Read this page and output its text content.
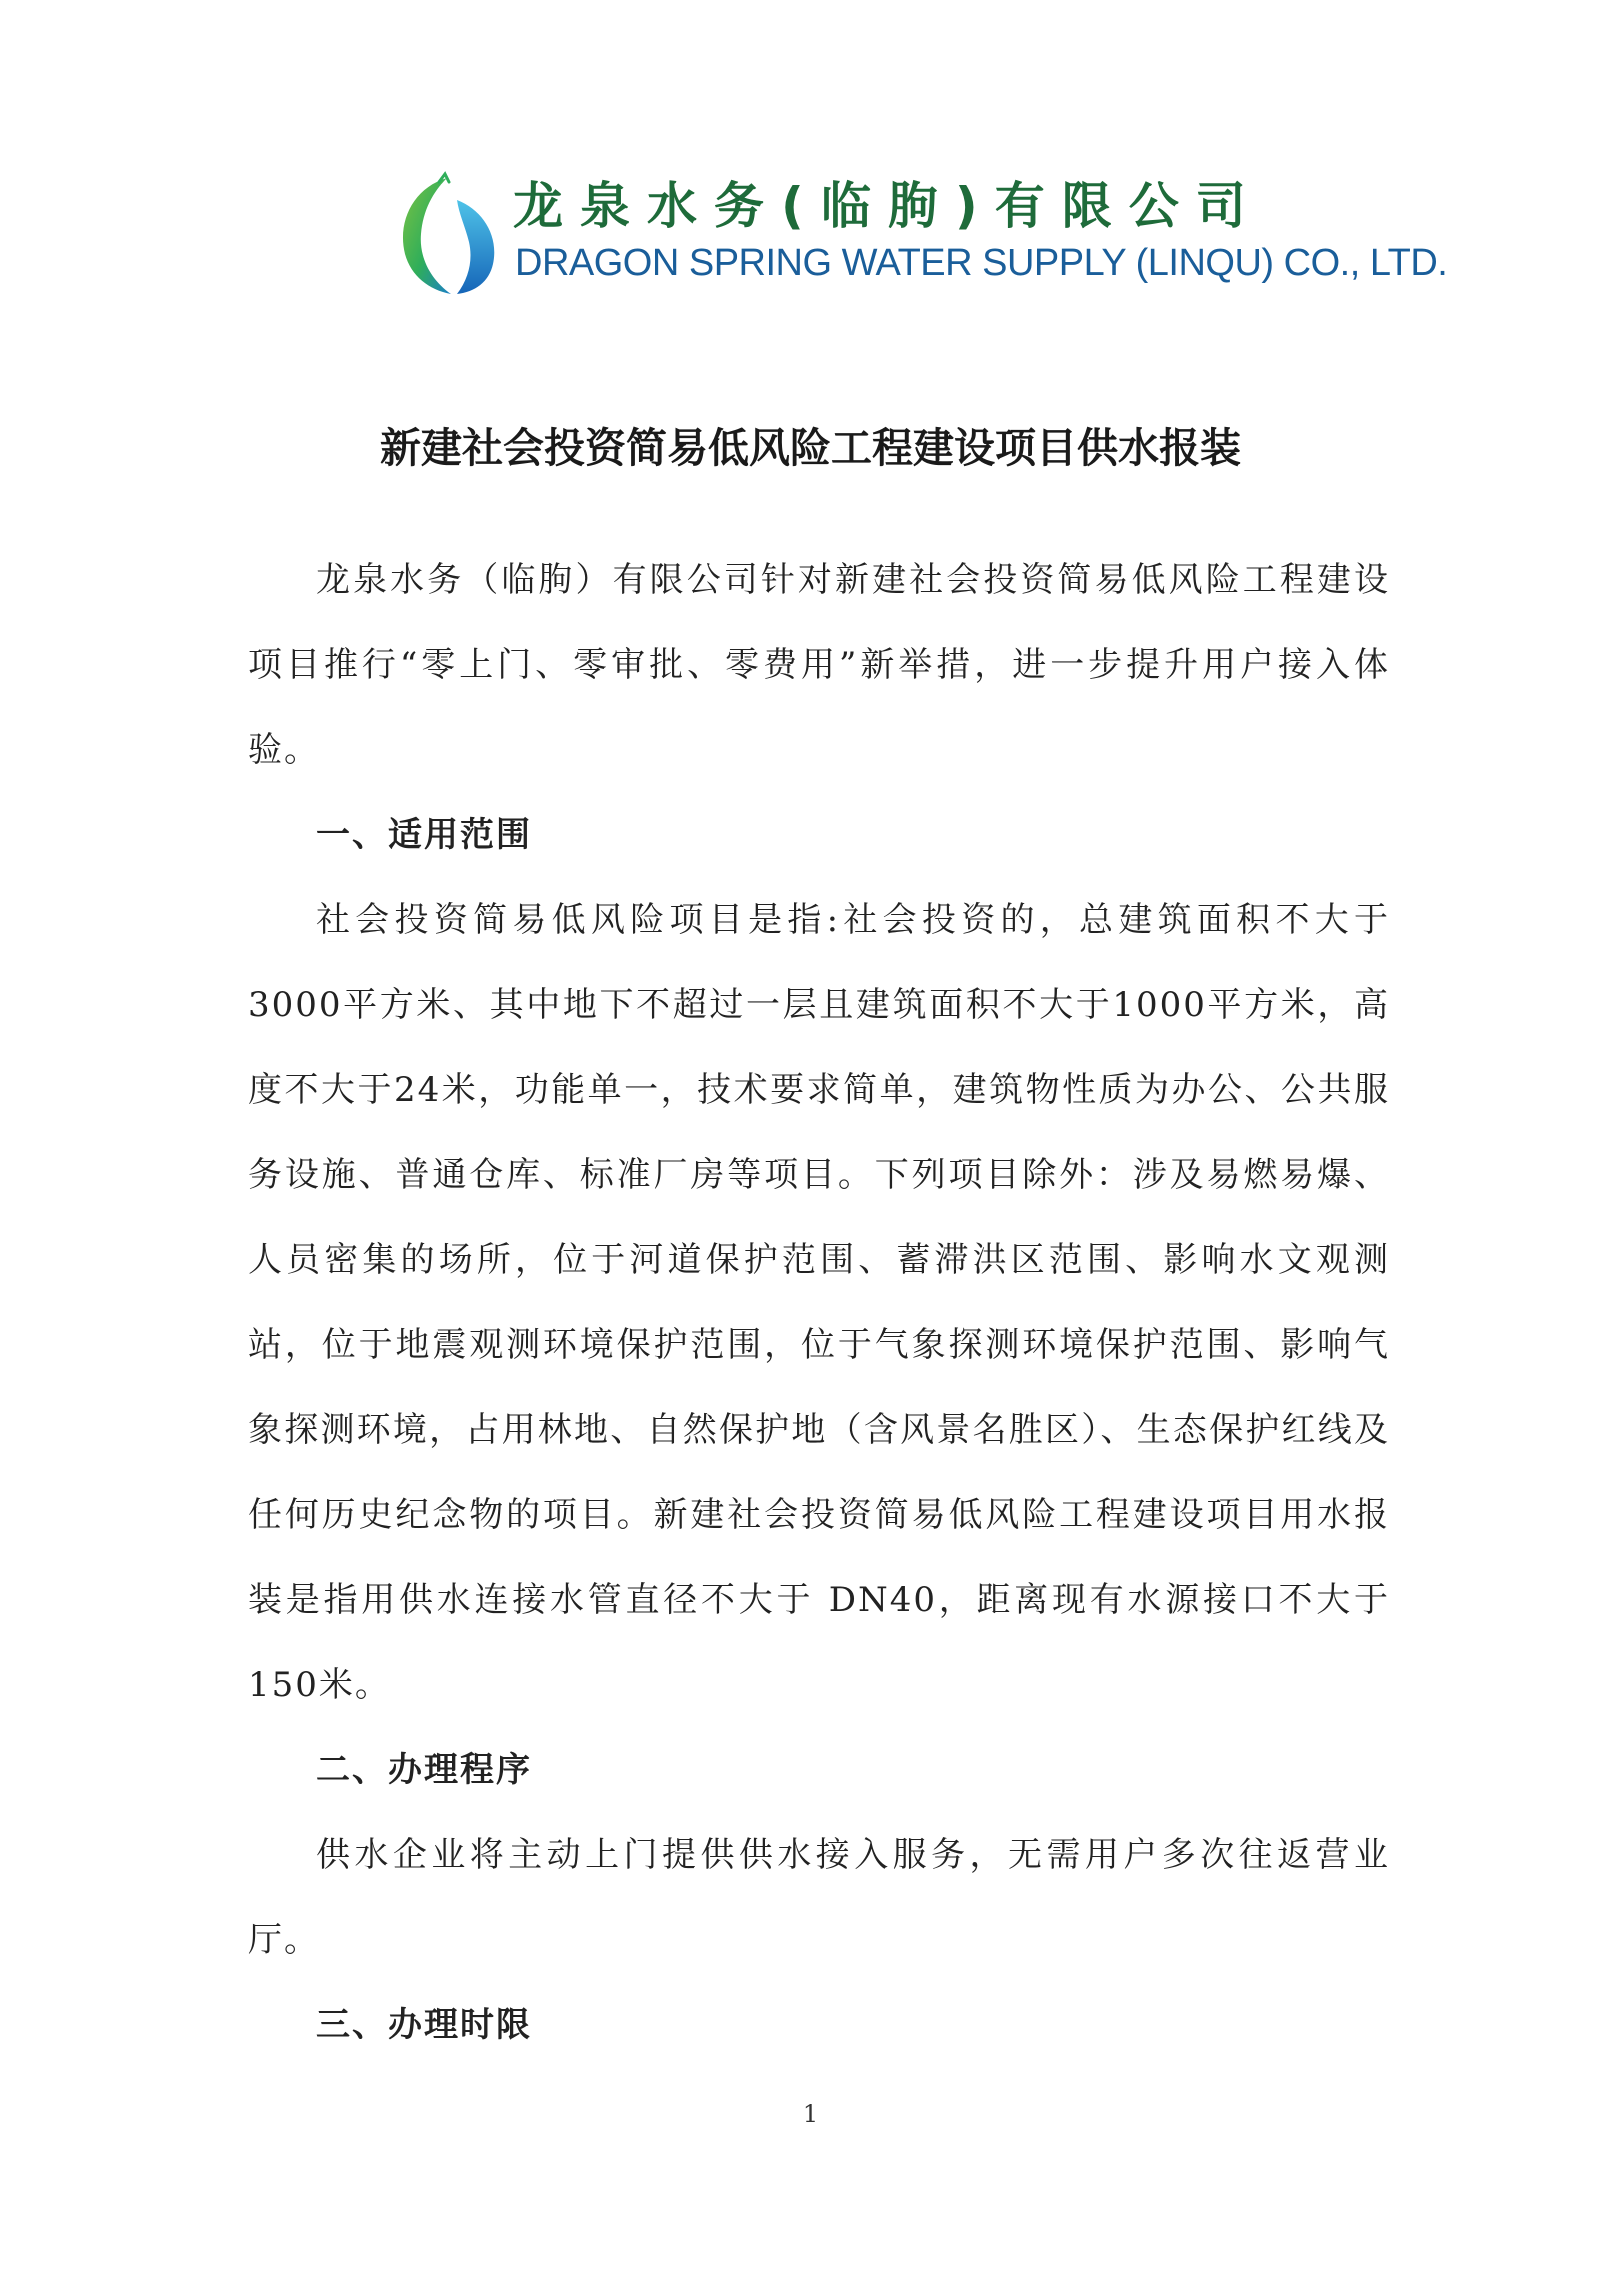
龙泉水务(临朐)有限公司
DRAGON SPRING WATER SUPPLY (LINQU) CO., LTD.
新建社会投资简易低风险工程建设项目供水报装

龙泉水务（临朐）有限公司针对新建社会投资简易低风险工程建设项目推行“零上门、零审批、零费用”新举措，进一步提升用户接入体验。

一、适用范围

社会投资简易低风险项目是指:社会投资的，总建筑面积不大于3000平方米、其中地下不超过一层且建筑面积不大于1000平方米，高度不大于24米，功能单一，技术要求简单，建筑物性质为办公、公共服务设施、普通仓库、标准厂房等项目。下列项目除外：涉及易燃易爆、人员密集的场所，位于河道保护范围、蓄滞洪区范围、影响水文观测站，位于地震观测环境保护范围，位于气象探测环境保护范围、影响气象探测环境，占用林地、自然保护地（含风景名胜区）、生态保护红线及任何历史纪念物的项目。新建社会投资简易低风险工程建设项目用水报装是指用供水连接水管直径不大于 DN40，距离现有水源接口不大于150米。

二、办理程序

供水企业将主动上门提供供水接入服务，无需用户多次往返营业厅。

三、办理时限
1
